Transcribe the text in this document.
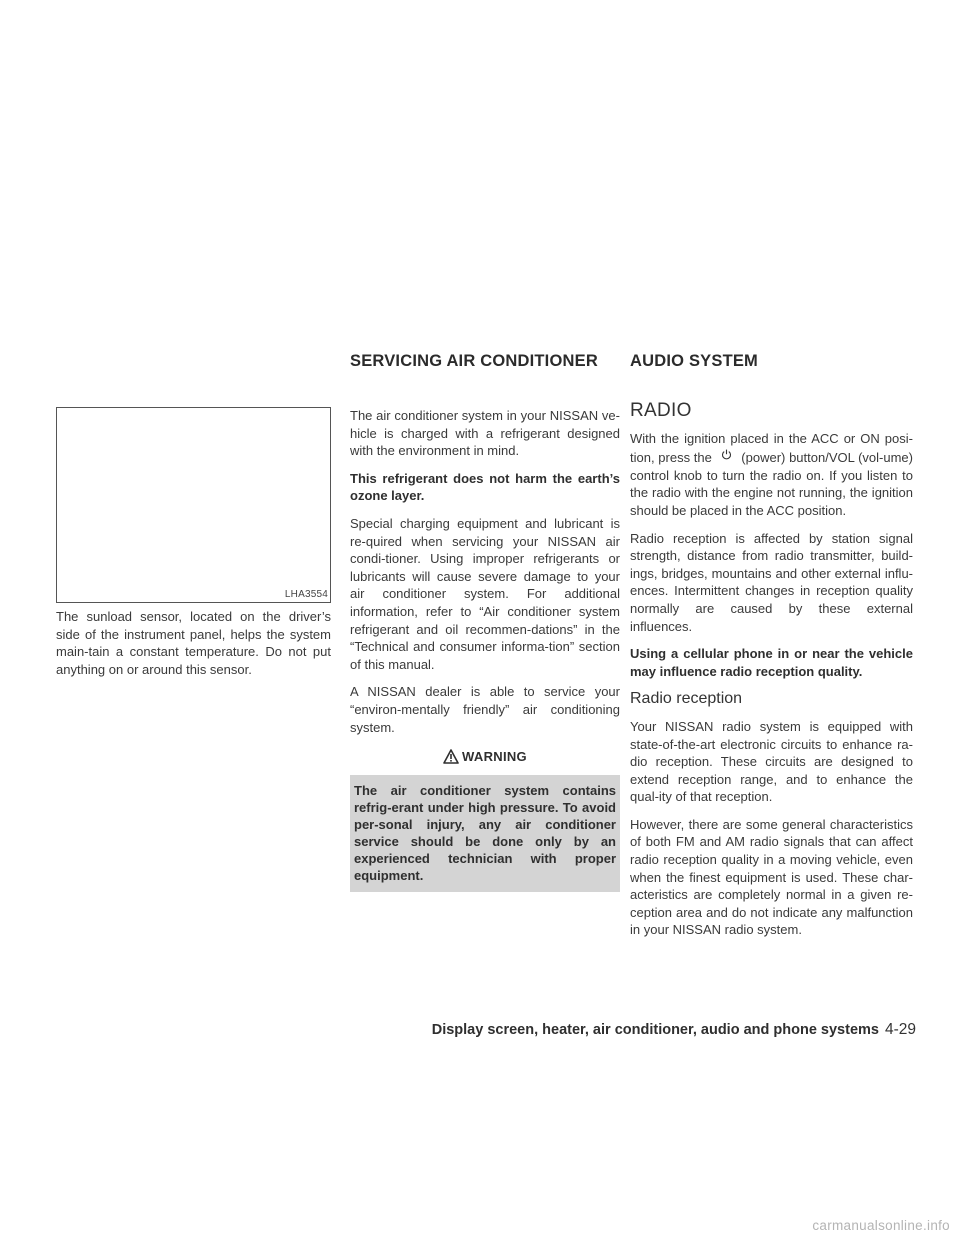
SERVICING AIR CONDITIONER AUDIO SYSTEM
LHA3554

The sunload sensor, located on the driver’s side of the instrument panel, helps the system main-tain a constant temperature. Do not put anything on or around this sensor.

The air conditioner system in your NISSAN ve-hicle is charged with a refrigerant designed with the environment in mind.

This refrigerant does not harm the earth’s ozone layer.

Special charging equipment and lubricant is re-quired when servicing your NISSAN air condi-tioner. Using improper refrigerants or lubricants will cause severe damage to your air conditioner system. For additional information, refer to “Air conditioner system refrigerant and oil recommen-dations” in the “Technical and consumer informa-tion” section of this manual.

A NISSAN dealer is able to service your “environ-mentally friendly” air conditioning system.

WARNING
The air conditioner system contains refrig-erant under high pressure. To avoid per-sonal injury, any air conditioner service should be done only by an experienced technician with proper equipment.
RADIO

With the ignition placed in the ACC or ON posi-tion, press the (power) button/VOL (vol-ume) control knob to turn the radio on. If you listen to the radio with the engine not running, the ignition should be placed in the ACC position.

Radio reception is affected by station signal strength, distance from radio transmitter, build-ings, bridges, mountains and other external influ-ences. Intermittent changes in reception quality normally are caused by these external influences.

Using a cellular phone in or near the vehicle may influence radio reception quality.

Radio reception

Your NISSAN radio system is equipped with state-of-the-art electronic circuits to enhance ra-dio reception. These circuits are designed to extend reception range, and to enhance the qual-ity of that reception.

However, there are some general characteristics of both FM and AM radio signals that can affect radio reception quality in a moving vehicle, even when the finest equipment is used. These char-acteristics are completely normal in a given re-ception area and do not indicate any malfunction in your NISSAN radio system.

Display screen, heater, air conditioner, audio and phone systems 4-29
carmanualsonline.info
